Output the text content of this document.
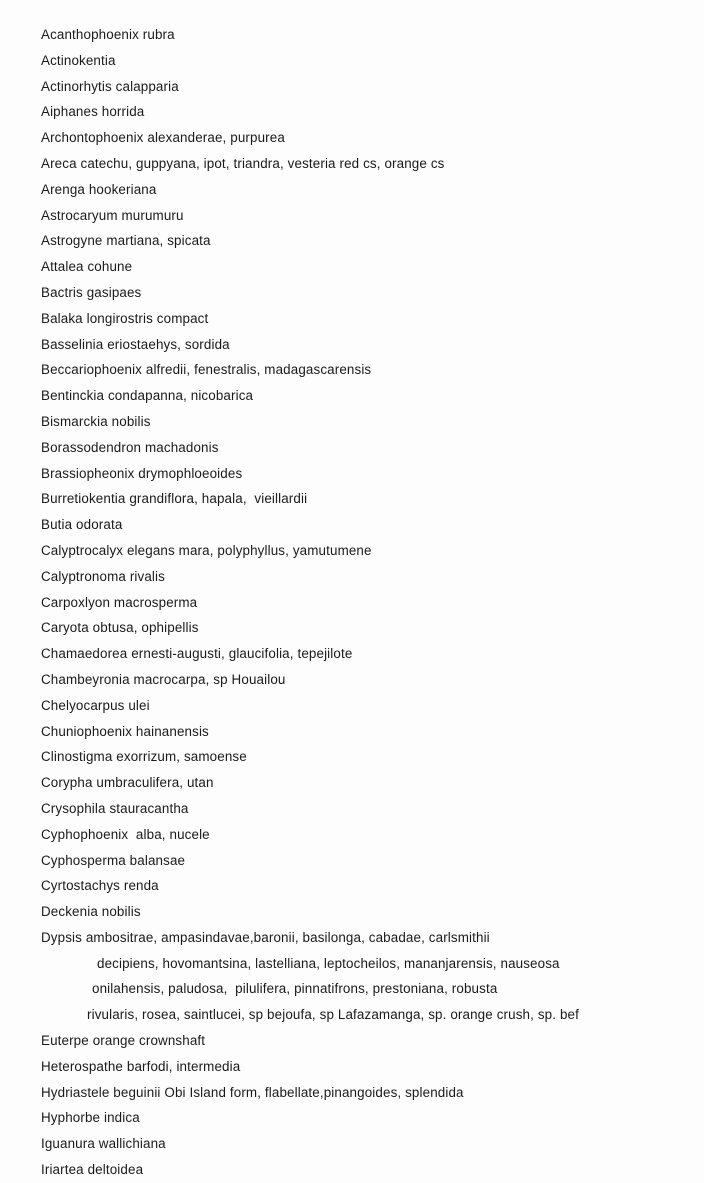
Acanthophoenix rubra
Actinokentia
Actinorhytis calapparia
Aiphanes horrida
Archontophoenix alexanderae, purpurea
Areca catechu, guppyana, ipot, triandra, vesteria red cs, orange cs
Arenga hookeriana
Astrocaryum murumuru
Astrogyne martiana, spicata
Attalea cohune
Bactris gasipaes
Balaka longirostris compact
Basselinia eriostaehys, sordida
Beccariophoenix alfredii, fenestralis, madagascarensis
Bentinckia condapanna, nicobarica
Bismarckia nobilis
Borassodendron machadonis
Brassiopheonix drymophloeoides
Burretiokentia grandiflora, hapala,  vieillardii
Butia odorata
Calyptrocalyx elegans mara, polyphyllus, yamutumene
Calyptronoma rivalis
Carpoxlyon macrosperma
Caryota obtusa, ophipellis
Chamaedorea ernesti-augusti, glaucifolia, tepejilote
Chambeyronia macrocarpa, sp Houailou
Chelyocarpus ulei
Chuniophoenix hainanensis
Clinostigma exorrizum, samoense
Corypha umbraculifera, utan
Crysophila stauracantha
Cyphophoenix  alba, nucele
Cyphosperma balansae
Cyrtostachys renda
Deckenia nobilis
Dypsis ambositrae, ampasindavae,baronii, basilonga, cabadae, carlsmithii
decipiens, hovomantsina, lastelliana, leptocheilos, mananjarensis, nauseosa
onilahensis, paludosa,  pilulifera, pinnatifrons, prestoniana, robusta
rivularis, rosea, saintlucei, sp bejoufa, sp Lafazamanga, sp. orange crush, sp. bef
Euterpe orange crownshaft
Heterospathe barfodi, intermedia
Hydriastele beguinii Obi Island form, flabellate,pinangoides, splendida
Hyphorbe indica
Iguanura wallichiana
Iriartea deltoidea
